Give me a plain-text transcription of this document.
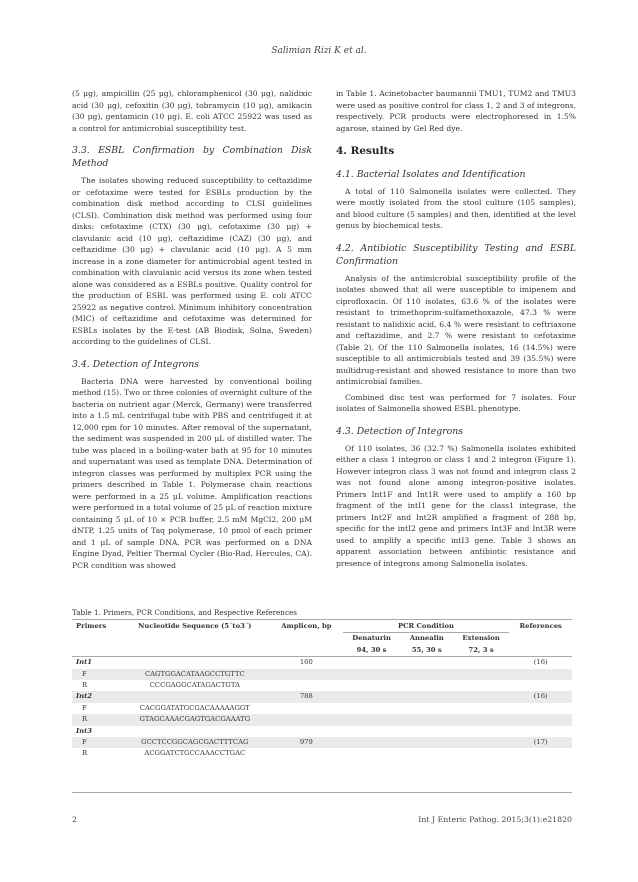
Salimian Rizi K et al.

(5 μg), ampicillin (25 μg), chloramphenicol (30 μg), nalidixic acid (30 μg), cefoxitin (30 μg), tobramycin (10 μg), amikacin (30 μg), gentamicin (10 μg). E. coli ATCC 25922 was used as a control for antimicrobial susceptibility test.

3.3. ESBL Confirmation by Combination Disk Method

The isolates showing reduced susceptibility to ceftazidime or cefotaxime were tested for ESBLs production by the combination disk method according to CLSI guidelines (CLSI). Combination disk method was performed using four disks: cefotaxime (CTX) (30 μg), cefotaxime (30 μg) + clavulanic acid (10 μg), ceftazidime (CAZ) (30 μg), and ceftazidime (30 μg) + clavulanic acid (10 μg). A 5 mm increase in a zone diameter for antimicrobial agent tested in combination with clavulanic acid versus its zone when tested alone was considered as a ESBLs positive. Quality control for the production of ESBL was performed using E. coli ATCC 25922 as negative control. Minimum inhibitory concentration (MIC) of ceftazidime and cefotaxime was determined for ESBLs isolates by the E-test (AB Biodisk, Solna, Sweden) according to the guidelines of CLSI.

3.4. Detection of Integrons

Bacteria DNA were harvested by conventional boiling method (15). Two or three colonies of overnight culture of the bacteria on nutrient agar (Merck, Germany) were transferred into a 1.5 mL centrifugal tube with PBS and centrifuged it at 12,000 rpm for 10 minutes. After removal of the supernatant, the sediment was suspended in 200 μL of distilled water. The tube was placed in a boiling-water bath at 95 for 10 minutes and supernatant was used as template DNA. Determination of integron classes was performed by multiplex PCR using the primers described in Table 1. Polymerase chain reactions were performed in a 25 μL volume. Amplification reactions were performed in a total volume of 25 μL of reaction mixture containing 5 μL of 10 × PCR buffer, 2.5 mM MgCl2, 200 μM dNTP, 1.25 units of Taq polymerase, 10 pmol of each primer and 1 μL of sample DNA. PCR was performed on a DNA Engine Dyad, Peltier Thermal Cycler (Bio-Rad, Hercules, CA). PCR condition was showed

in Table 1. Acinetobacter baumannii TMU1, TUM2 and TMU3 were used as positive control for class 1, 2 and 3 of integrons, respectively. PCR products were electrophoresed in 1.5% agarose, stained by Gel Red dye.

4. Results
4.1. Bacterial Isolates and Identification

A total of 110 Salmonella isolates were collected. They were mostly isolated from the stool culture (105 samples), and blood culture (5 samples) and then, identified at the level genus by biochemical tests.

4.2. Antibiotic Susceptibility Testing and ESBL Confirmation

Analysis of the antimicrobial susceptibility profile of the isolates showed that all were susceptible to imipenem and ciprofloxacin. Of 110 isolates, 63.6 % of the isolates were resistant to trimethoprim-sulfamethoxazole, 47.3 % were resistant to nalidixic acid, 6.4 % were resistant to ceftriaxone and ceftazidime, and 2.7 % were resistant to cefotaxime (Table 2). Of the 110 Salmonella isolates, 16 (14.5%) were susceptible to all antimicrobials tested and 39 (35.5%) were multidrug-resistant and showed resistance to more than two antimicrobial families.

Combined disc test was performed for 7 isolates. Four isolates of Salmonella showed ESBL phenotype.

4.3. Detection of Integrons

Of 110 isolates, 36 (32.7 %) Salmonella isolates exhibited either a class 1 integron or class 1 and 2 integron (Figure 1). However integron class 3 was not found and integron class 2 was not found alone among integron-positive isolates. Primers Int1F and Int1R were used to amplify a 160 bp fragment of the intI1 gene for the class1 integrase, the primers Int2F and Int2R amplified a fragment of 288 bp, specific for the intI2 gene and primers Int3F and Int3R were used to amplify a specific intI3 gene. Table 3 shows an apparent association between antibiotic resistance and presence of integrons among Salmonella isolates.

Table 1. Primers, PCR Conditions, and Respective References
Primers	Nucleotide Sequence (5´to3´)	Amplicon, bp	PCR Condition			References
			Denaturin	Annealin	Extension	
			94, 30 s	55, 30 s	72, 3 s	
Int1		160				(16)
F	CAGTGGACATAAGCCTGTTC					
R	CCCGAGGCATAGACTGTA					
Int2		788				(16)
F	CACGGATATGCGACAAAAAGGT					
R	GTAGCAAACGAGTGACGAAATG					
Int3						
F	GCCTCCGGCAGCGACTTTCAG	979				(17)
R	ACGGATCTGCCAAACCTGAC					
2	Int J Enteric Pathog. 2015;3(1):e21820
